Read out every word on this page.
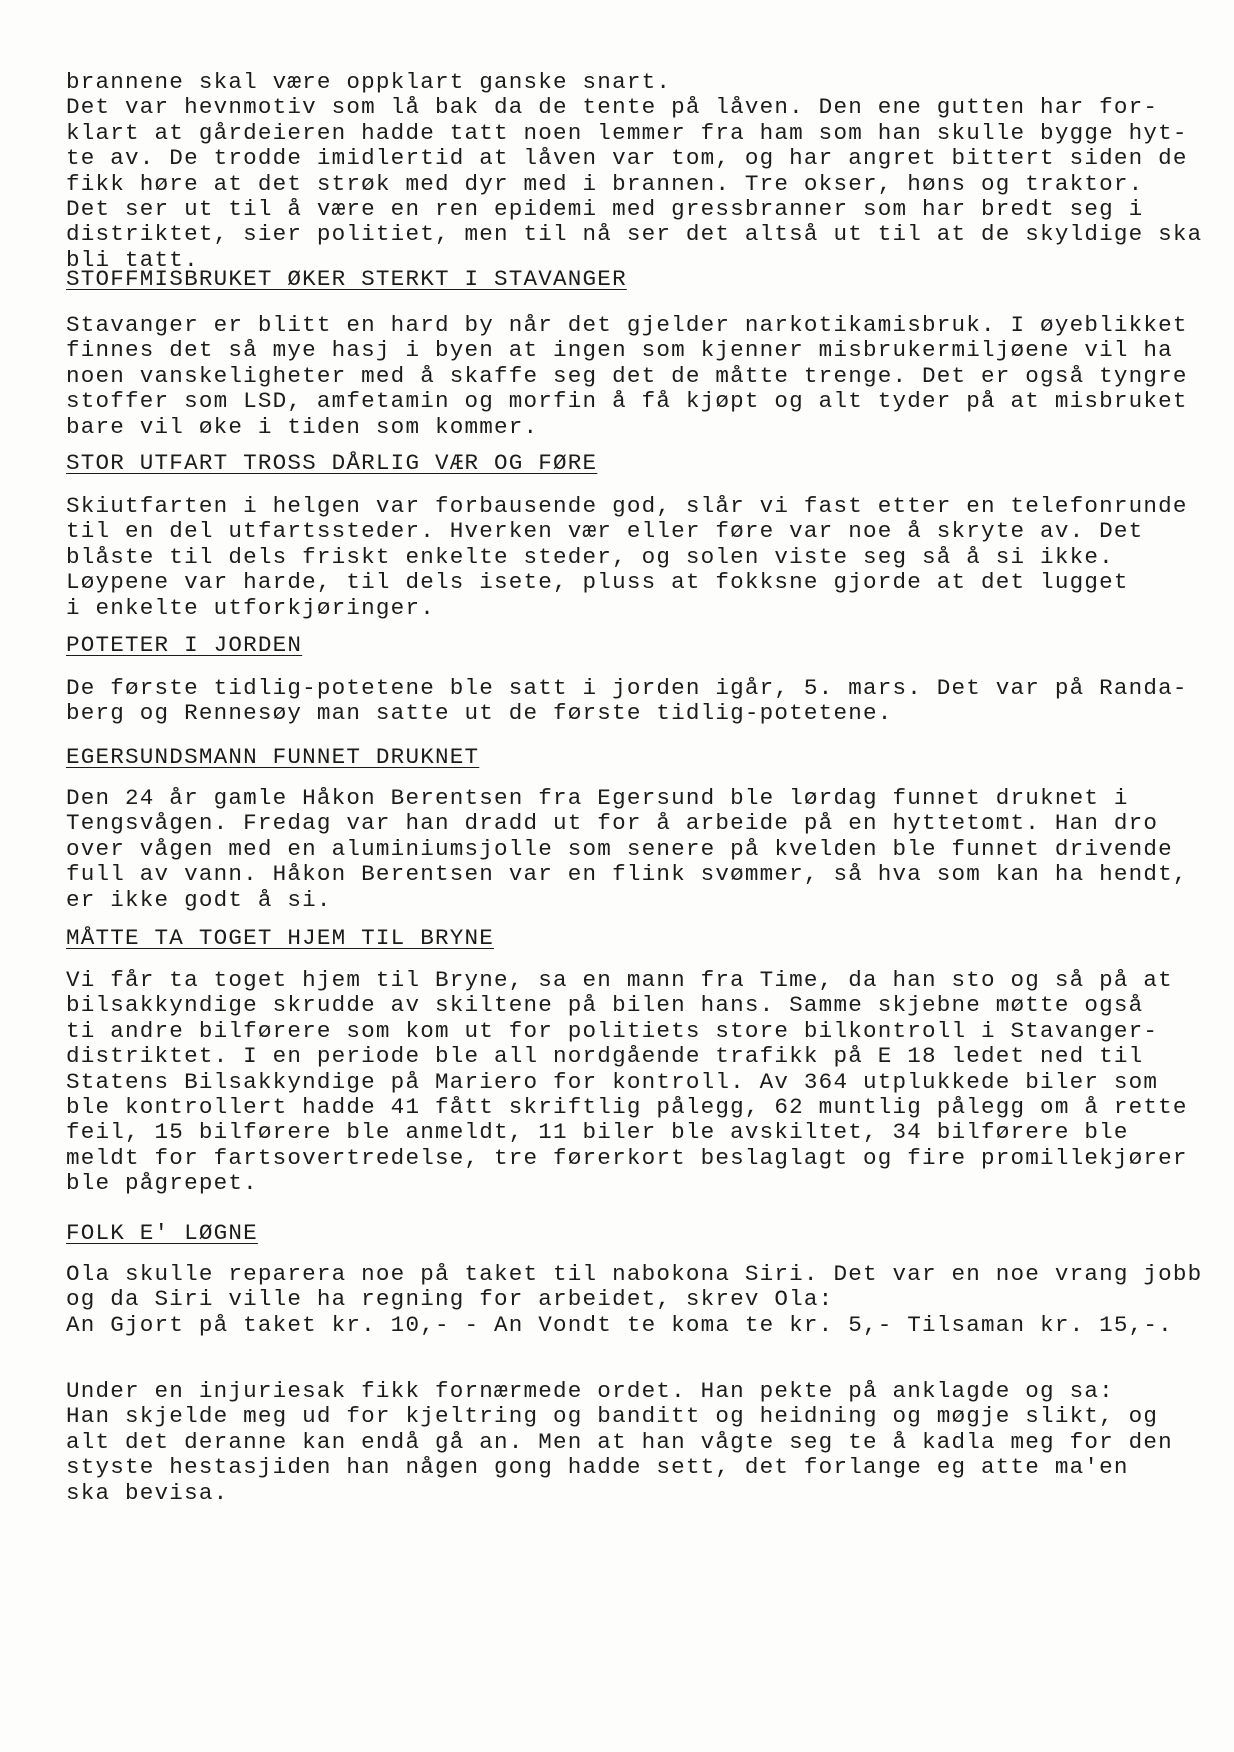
brannene skal være oppklart ganske snart.
Det var hevnmotiv som lå bak da de tente på låven. Den ene gutten har for-
klart at gårdeieren hadde tatt noen lemmer fra ham som han skulle bygge hyt-
te av. De trodde imidlertid at låven var tom, og har angret bittert siden de
fikk høre at det strøk med dyr med i brannen. Tre okser, høns og traktor.
Det ser ut til å være en ren epidemi med gressbranner som har bredt seg i
distriktet, sier politiet, men til nå ser det altså ut til at de skyldige ska
bli tatt.
STOFFMISBRUKET ØKER STERKT I STAVANGER
Stavanger er blitt en hard by når det gjelder narkotikamisbruk. I øyeblikket
finnes det så mye hasj i byen at ingen som kjenner misbrukermiljøene vil ha
noen vanskeligheter med å skaffe seg det de måtte trenge. Det er også tyngre
stoffer som LSD, amfetamin og morfin å få kjøpt og alt tyder på at misbruket
bare vil øke i tiden som kommer.
STOR UTFART TROSS DÅRLIG VÆR OG FØRE
Skiutfarten i helgen var forbausende god, slår vi fast etter en telefonrunde
til en del utfartssteder. Hverken vær eller føre var noe å skryte av. Det
blåste til dels friskt enkelte steder, og solen viste seg så å si ikke.
Løypene var harde, til dels isete, pluss at fokksne gjorde at det lugget
i enkelte utforkjøringer.
POTETER I JORDEN
De første tidlig-potetene ble satt i jorden igår, 5. mars. Det var på Randa-
berg og Rennesøy man satte ut de første tidlig-potetene.
EGERSUNDSMANN FUNNET DRUKNET
Den 24 år gamle Håkon Berentsen fra Egersund ble lørdag funnet druknet i
Tengsvågen. Fredag var han dradd ut for å arbeide på en hyttetomt. Han dro
over vågen med en aluminiumsjolle som senere på kvelden ble funnet drivende
full av vann. Håkon Berentsen var en flink svømmer, så hva som kan ha hendt,
er ikke godt å si.
MÅTTE TA TOGET HJEM TIL BRYNE
Vi får ta toget hjem til Bryne, sa en mann fra Time, da han sto og så på at
bilsakkyndige skrudde av skiltene på bilen hans. Samme skjebne møtte også
ti andre bilførere som kom ut for politiets store bilkontroll i Stavanger-
distriktet. I en periode ble all nordgående trafikk på E 18 ledet ned til
Statens Bilsakkyndige på Mariero for kontroll. Av 364 utplukkede biler som
ble kontrollert hadde 41 fått skriftlig pålegg, 62 muntlig pålegg om å rette
feil, 15 bilførere ble anmeldt, 11 biler ble avskiltet, 34 bilførere ble
meldt for fartsovertredelse, tre førerkort beslaglagt og fire promillekjører
ble pågrepet.
FOLK E' LØGNE
Ola skulle reparera noe på taket til nabokona Siri. Det var en noe vrang jobb
og da Siri ville ha regning for arbeidet, skrev Ola:
An Gjort på taket kr. 10,- - An Vondt te koma te kr. 5,- Tilsaman kr. 15,-.
Under en injuriesak fikk fornærmede ordet. Han pekte på anklagde og sa:
Han skjelde meg ud for kjeltring og banditt og heidning og møgje slikt, og
alt det deranne kan endå gå an. Men at han vågte seg te å kadla meg for den
styste hestasjiden han någen gong hadde sett, det forlange eg atte ma'en
ska bevisa.
